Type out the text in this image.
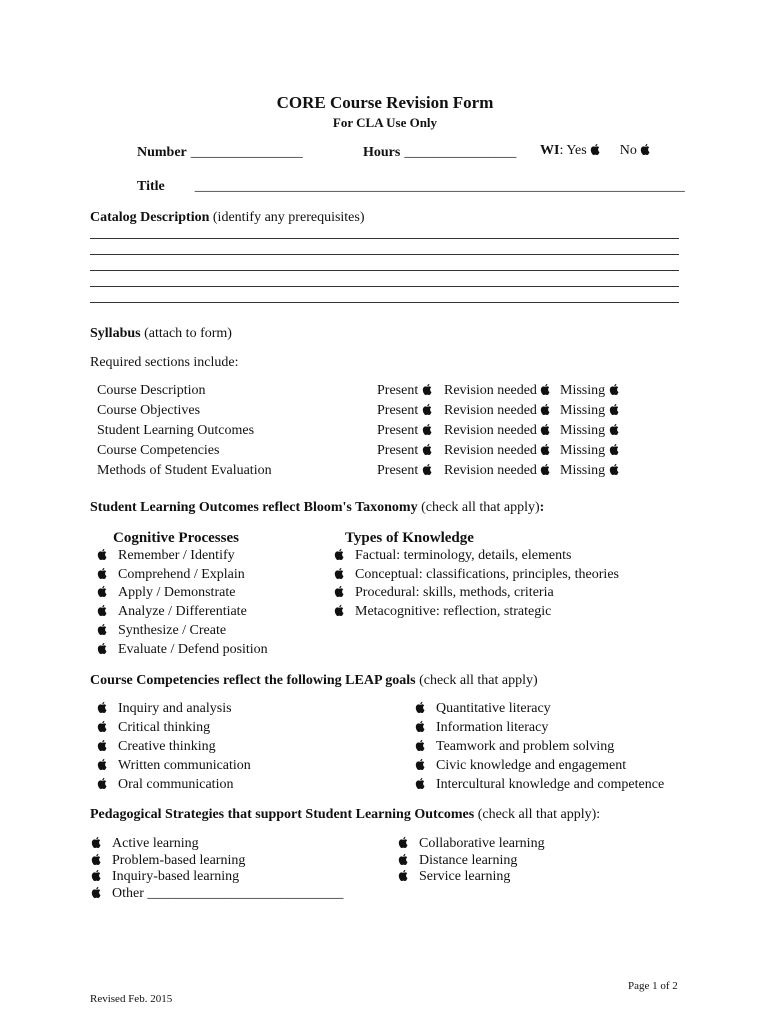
CORE Course Revision Form
For CLA Use Only
Number ________________	Hours ________________ WI: Yes No
Title ______________________________________________________________________
Catalog Description (identify any prerequisites)
Syllabus (attach to form)
Required sections include:
Course Description	Present	Revision needed	Missing
Course Objectives	Present	Revision needed	Missing
Student Learning Outcomes	Present	Revision needed	Missing
Course Competencies	Present	Revision needed	Missing
Methods of Student Evaluation	Present	Revision needed	Missing
Student Learning Outcomes reflect Bloom's Taxonomy (check all that apply):
Cognitive Processes	Types of Knowledge
Remember / Identify
Comprehend / Explain
Apply / Demonstrate
Analyze / Differentiate
Synthesize / Create
Evaluate / Defend position
Factual: terminology, details, elements
Conceptual: classifications, principles, theories
Procedural: skills, methods, criteria
Metacognitive: reflection, strategic
Course Competencies reflect the following LEAP goals (check all that apply)
Inquiry and analysis
Critical thinking
Creative thinking
Written communication
Oral communication
Quantitative literacy
Information literacy
Teamwork and problem solving
Civic knowledge and engagement
Intercultural knowledge and competence
Pedagogical Strategies that support Student Learning Outcomes (check all that apply):
Active learning
Problem-based learning
Inquiry-based learning
Other ____________________________
Collaborative learning
Distance learning
Service learning
Revised Feb. 2015
Page 1 of 2
